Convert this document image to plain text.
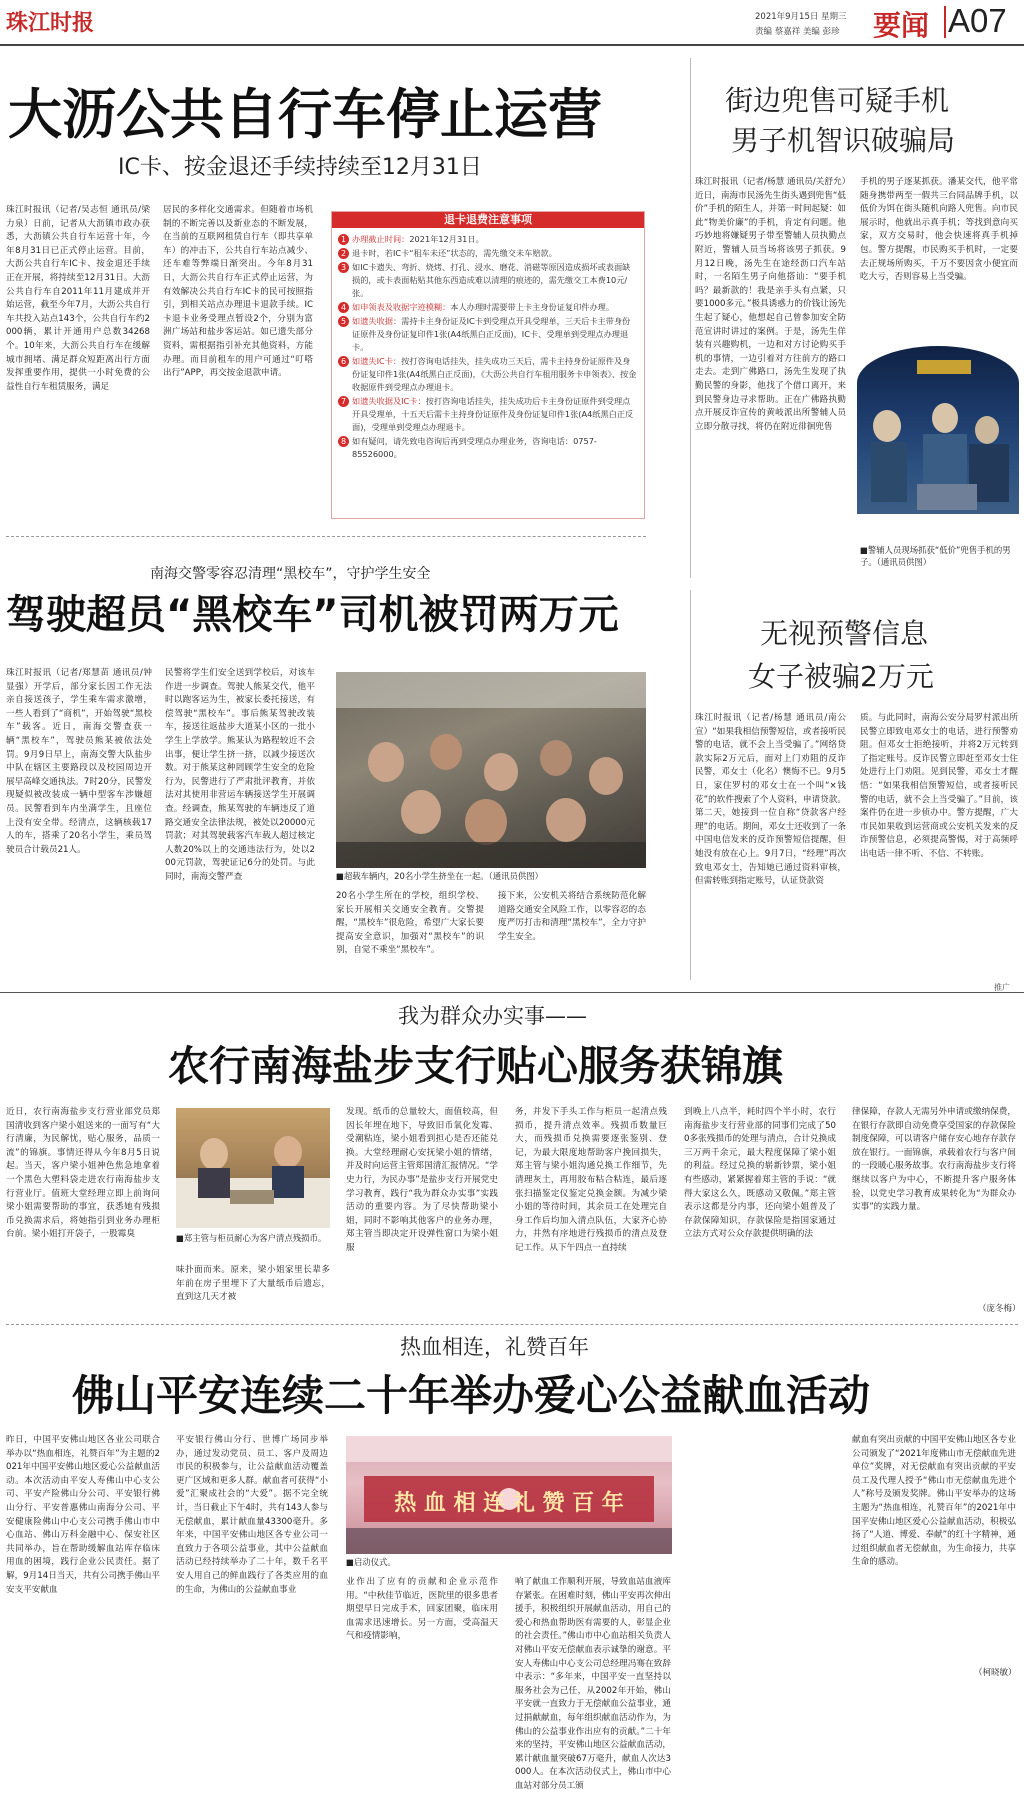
珠江时报	2021年9月15日 星期三
责编 蔡嘉祥 美编 彭珍 要闻 A07
大沥公共自行车停止运营
IC卡、按金退还手续持续至12月31日
珠江时报讯（记者/吴志恒 通讯员/梁力泉）日前，记者从大沥镇市政办获悉，大沥镇公共自行车运营十年，今年8月31日已正式停止运营。目前，大沥公共自行车IC卡、按金退还手续正在开展，将持续至12月31日。大沥公共自行车自2011年11月建成并开始运营，截至今年7月，大沥公共自行车共投入站点143个，公共自行车约2000辆，累计开通用户总数34268个。10年来，大沥公共自行车在缓解城市拥堵、满足群众短距离出行方面发挥重要作用，提供一小时免费的公益性自行车租赁服务，满足
居民的多样化交通需求。但随着市场机制的不断完善以及新业态的不断发展，在当前的互联网租赁自行车（即共享单车）的冲击下，公共自行车站点减少、还车难等弊端日渐突出。今年8月31日，大沥公共自行车正式停止运营，为有效解决公共自行车IC卡的民可按照指引，到相关站点办理退卡退款手续。IC卡退卡业务受理点暂设2个，分别为富洲广场站和盐步客运站。如已遗失部分资料，需根据指引补充其他资料，方能办理。而目前租车的用户可通过“叮嗒出行”APP，再交按金退款申请。
退卡退费注意事项
1 办理截止时间：2021年12月31日。
2 退卡时，若IC卡“租车未还”状态的，需先缴交未车赔款。
3 如IC卡遗失、弯折、烧烤、打孔、浸水、磨花、消磁等原因造成损坏或表面缺损的，或卡表面粘贴其他东西造成难以清理的痕迹的，需先缴交工本费10元/张。
4 如申领表及收据字迹模糊：本人办理时需要带上卡主身份证复印件办理。
5 如遗失收据：需持卡主身份证及IC卡到受理点开具受理单，三天后卡主带身份证原件及身份证复印件1张(A4纸黑白正反面)，IC卡、受理单到受理点办理退卡。
6 如遗失IC卡：按打咨询电话挂失，挂失成功三天后，需卡主持身份证原件及身份证复印件1张(A4纸黑白正反面)，《大沥公共自行车租用服务卡申领表》、按金收据原件到受理点办理退卡。
7 如遗失收据及IC卡：按打咨询电话挂失，挂失成功后卡主身份证原件到受理点开具受理单，十五天后需卡主持身份证原件及身份证复印件1张(A4纸黑白正反面)，受理单到受理点办理退卡。
8 如有疑问，请先致电咨询后再到受理点办理业务，咨询电话：0757-85526000。
街边兜售可疑手机
男子机智识破骗局
珠江时报讯（记者/杨慧 通讯员/关舒允）近日，南海市民汤先生街头遇到兜售“低价”手机的陌生人，并第一时间起疑：如此“物美价廉”的手机，肯定有问题。他巧妙地将嫌疑男子带至警辅人员执勤点附近，警辅人员当场将该男子抓获。9月12日晚，汤先生在途经沥口汽车站时，一名陌生男子向他搭讪：“要手机吗？最新款的！我是亲手头有点紧，只要1000多元。”极具诱惑力的价钱让汤先生起了疑心，他想起自己曾参加安全防范宣讲时讲过的案例。于是，汤先生佯装有兴趣购机，一边和对方讨论购买手机的事情，一边引着对方往前方的路口走去。走到广佛路口，汤先生发现了执勤民警的身影，他找了个借口离开，来到民警身边寻求帮助。正在广佛路执勤点开展反诈宣传的黄岐派出所警辅人员立即分散寻找，将仍在附近徘徊兜售
手机的男子逐某抓获。潘某交代，他平常随身携带两至一假共三台同品牌手机，以低价为饵在街头随机向路人兜售。向市民展示时，他就出示真手机；等找到意向买家，双方交易时，他会快速将真手机掉包。警方提醒，市民购买手机时，一定要去正规场所购买，千万不要因贪小便宜而吃大亏，否则容易上当受骗。
■警辅人员现场抓获“低价”兜售手机的男子。（通讯员供图）
南海交警零容忍清理“黑校车”，守护学生安全
驾驶超员“黑校车”司机被罚两万元
珠江时报讯（记者/郑慧苗 通讯员/钟显强）开学后，部分家长因工作无法亲自接送孩子，学生乘车需求激增，一些人看到了“商机”，开始驾驶“黑校车”载客。近日，南海交警查获一辆“黑校车”，驾驶员熊某被依法处罚。9月9日早上，南海交警大队盐步中队在辖区主要路段以及校园周边开展早高峰交通执法。7时20分，民警发现疑似被改装成一辆中型客车涉嫌超员。民警看到车内坐满学生，且座位上没有安全带。经清点，这辆核载17人的车，搭乘了20名小学生，乘员驾驶员合计载员21人。
民警将学生们安全送到学校后，对该车作进一步调查。驾驶人熊某交代，他平时以跑客运为生，被家长委托接送，有偿驾驶“黑校车”。事后熊某驾驶改装车，接送往返盐步大道某小区的一批小学生上学放学。熊某认为路程较近不会出事，便让学生挤一挤，以减少接送次数。对于熊某这种罔顾学生安全的危险行为，民警进行了严肃批评教育，并依法对其使用非营运车辆接送学生开展调查。经调查，熊某驾驶的车辆违反了道路交通安全法律法规，被处以20000元罚款；对其驾驶载客汽车载人超过核定人数20%以上的交通违法行为，处以200元罚款，驾驶证记6分的处罚。与此同时，南海交警严查	■超载车辆内，20名小学生挤坐在一起。（通讯员供图）
20名小学生所在的学校，组织学校、家长开展相关交通安全教育。交警提醒，“黑校车”很危险，希望广大家长要提高安全意识，加强对“黑校车”的识别，自觉不乘坐“黑校车”。
接下来，公安机关将结合系统防范化解道路交通安全风险工作，以零容忍的态度严厉打击和清理“黑校车”，全力守护学生安全。
无视预警信息
女子被骗2万元
珠江时报讯（记者/杨慧 通讯员/南公宣）“如果我相信预警短信，或者接听民警的电话，就不会上当受骗了。”网络贷款实际2万元后，面对上门劝阻的反诈民警，邓女士（化名）懊悔不已。9月5日，家住罗村的邓女士在一个叫“×钱花”的软件搜索了个人资料，申请贷款。第二天，她接到一位自称“贷款客户经理”的电话。期间，邓女士还收到了一条中国电信发来的反诈预警短信提醒，但她没有放在心上。9月7日，“经理”再次致电邓女士，告知她已通过资料审核，但需转账到指定账号，认证贷款资
质。与此同时，南海公安分局罗村派出所民警立即致电邓女士的电话，进行预警劝阻。但邓女士拒绝接听，并将2万元转到了指定账号。反诈民警立即赶至邓女士住处进行上门劝阻。见到民警，邓女士才醒悟：“如果我相信预警短信，或者接听民警的电话，就不会上当受骗了。”目前，该案件仍在进一步侦办中。警方提醒，广大市民如果收到运营商或公安机关发来的反诈预警信息，必须提高警惕，对于高频呼出电话一律不听、不信、不转账。
推广
我为群众办实事——
农行南海盐步支行贴心服务获锦旗
近日，农行南海盐步支行营业部党员郑国清收到客户梁小姐送来的一面写有“大行清廉，为民解忧，贴心服务，品质一流”的锦旗。事情还得从今年8月5日说起。当天，客户梁小姐神色焦急地拿着一个黑色大塑料袋走进农行南海盐步支行营业厅。值班大堂经理立即上前询问梁小姐需要帮助的事宜，获悉她有残损币兑换需求后，将她指引到业务办理柜台前。梁小姐打开袋子，一股霉臭	■郑主管与柜员耐心为客户清点残损币。
味扑面而来。原来，梁小姐家里长辈多年前在房子里埋下了大量纸币后遗忘，直到这几天才被
发现。纸币的总量较大，面值较高，但因长年埋在地下，导致旧币氧化发霉、受潮粘连，梁小姐看到担心是否还能兑换。大堂经理耐心安抚梁小姐的情绪，并及时向运营主管郑国清汇报情况。“学史力行，为民办事”是盐步支行开展党史学习教育，践行“我为群众办实事”实践活动的重要内容。为了尽快帮助梁小姐，同时不影响其他客户的业务办理，郑主管当即决定开设弹性窗口为梁小姐服
务，并发下手头工作与柜员一起清点残损币，提升清点效率。残损币数量巨大，而残损币兑换需要逐张鉴别、登记，为最大限度地帮助客户挽回损失，郑主管与梁小姐沟通兑换工作细节，先清理灰土，再用胶布粘合粘连，最后逐张扫描鉴定仪鉴定兑换金额。为减少梁小姐的等待时间，其余员工在处理完自身工作后均加入清点队伍，大家齐心协力，井然有序地进行残损币的清点及登记工作。从下午四点一直持续
到晚上八点半，耗时四个半小时，农行南海盐步支行营业部的同事们完成了500多张残损币的处理与清点，合计兑换成三万两千余元，最大程度保障了梁小姐的利益。经过兑换的崭新钞票，梁小姐有些感动，紧紧握着郑主管的手说：“就得大家这么久，既感动又敬佩。”郑主管表示这都是分内事，还向梁小姐普及了存款保障知识，存款保险是指国家通过立法方式对公众存款提供明确的法
律保障，存款人无需另外申请或缴纳保费，在银行存款即自动免费享受国家的存款保险制度保障，可以请客户储存安心地存存款存放在银行。一面锦旗，承载着农行与客户间的一段暖心服务故事。农行南海盐步支行将继续以客户为中心，不断提升客户服务体验，以党史学习教育成果转化为“为群众办实事”的实践力量。
（庞冬梅）
热血相连，礼赞百年
佛山平安连续二十年举办爱心公益献血活动
昨日，中国平安佛山地区各业公司联合举办以“热血相连，礼赞百年”为主题的2021年中国平安佛山地区爱心公益献血活动。本次活动由平安人寿佛山中心支公司、平安产险佛山分公司、平安银行佛山分行、平安普惠佛山南海分公司、平安健康险佛山中心支公司携手佛山市中心血站、佛山万科金融中心、保安社区共同举办，旨在帮助缓解血站库存临床用血的困境，践行企业公民责任。据了解，9月14日当天，共有公司携手佛山平安支平安献血
平安银行佛山分行、世博广场同步举办，通过发动党员、员工、客户及周边市民的积极参与，让公益献血活动覆盖更广区域和更多人群。献血者可获得“小爱”汇聚成社会的“大爱”。据不完全统计，当日截止下午4时，共有143人参与无偿献血，累计献血量43300毫升。多年来，中国平安佛山地区各专业公司一直致力于各项公益事业，其中公益献血活动已经持续举办了二十年，数千名平安人用自己的鲜血践行了各类应用的血的生命，为佛山的公益献血事业
热 血 相 连 礼 赞 百 年
■启动仪式。
业作出了应有的贡献和企业示范作用。“中秋佳节临近，医院里的很多患者期望早日完成手术，回家团聚，临床用血需求迅速增长。另一方面，受高温天气和疫情影响，
响了献血工作顺利开展，导致血站血液库存紧张。在困难时刻，佛山平安再次伸出援手，积极组织开展献血活动，用自己的爱心和热血帮助医有需要的人，彰显企业的社会责任。”佛山市中心血站相关负责人对佛山平安无偿献血表示诚挚的谢意。平安人寿佛山中心支公司总经理冯骞在致辞中表示：“多年来，中国平安一直坚持以服务社会为己任，从2002年开始，佛山平安就一直致力于无偿献血公益事业，通过捐献献血，每年组织献血活动作为，为佛山的公益事业作出应有的贡献。”二十年来的坚持，平安佛山地区公益献血活动，累计献血量突破67万毫升，献血人次达3000人。在本次活动仪式上，佛山市中心血站对部分员工颁
献血有突出贡献的中国平安佛山地区各专业公司颁发了“2021年度佛山市无偿献血先进单位”奖牌，对无偿献血有突出贡献的平安员工及代理人授予“佛山市无偿献血先进个人”称号及颁发奖牌。佛山平安举办的这场主题为“热血相连，礼赞百年”的2021年中国平安佛山地区爱心公益献血活动，积极弘扬了“人道、博爱、奉献”的红十字精神，通过组织献血者无偿献血，为生命接力，共享生命的感动。
（柯晓敏）
